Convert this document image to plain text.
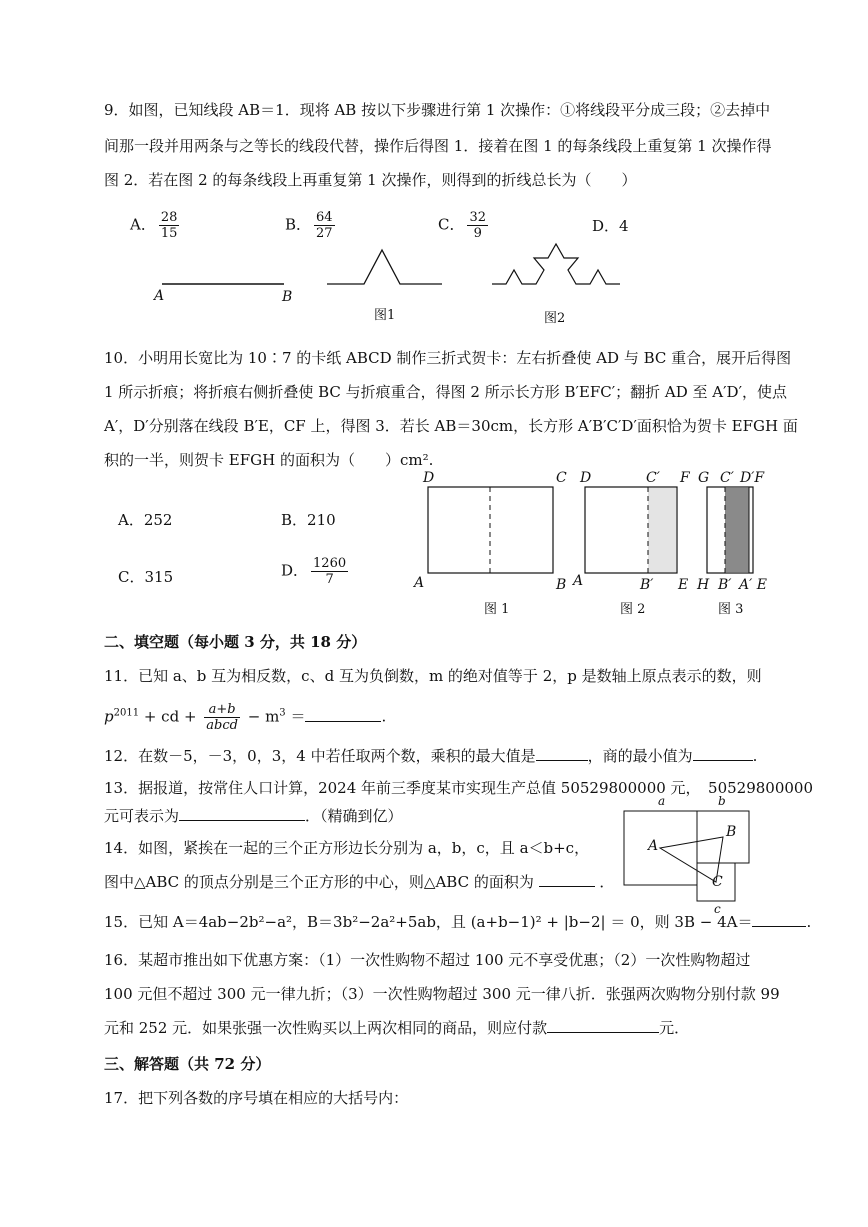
9．如图，已知线段 AB＝1．现将 AB 按以下步骤进行第 1 次操作：①将线段平分成三段；②去掉中
间那一段并用两条与之等长的线段代替，操作后得图 1．接着在图 1 的每条线段上重复第 1 次操作得
图 2．若在图 2 的每条线段上再重复第 1 次操作，则得到的折线总长为（　　）
A． $\frac{28}{15}$	B． $\frac{64}{27}$	C． $\frac{32}{9}$	D．4
A	B
图1	图2
10．小明用长宽比为 10∶7 的卡纸 ABCD 制作三折式贺卡：左右折叠使 AD 与 BC 重合，展开后得图
1 所示折痕；将折痕右侧折叠使 BC 与折痕重合，得图 2 所示长方形 B′EFC′；翻折 AD 至 A′D′，使点
A′，D′分别落在线段 B′E，CF 上，得图 3．若长 AB＝30cm，长方形 A′B′C′D′面积恰为贺卡 EFGH 面
积的一半，则贺卡 EFGH 的面积为（　　）cm².
A．252	B．210
C．315	D． $\frac{1260}{7}$
D	C
A	B
图 1
D	C′ F
A	B′ E
图 2
G C′ D′F
H B′ A′ E
图 3
二、填空题（每小题 3 分，共 18 分）
11．已知 a、b 互为相反数，c、d 互为负倒数，m 的绝对值等于 2，p 是数轴上原点表示的数，则
$p^{2011}$ + cd + $\frac{a+b}{\text{abcd}} - m^3$ ＝	.
12．在数－5，－3，0，3，4 中若任取两个数，乘积的最大值是	，商的最小值为	.
13．据报道，按常住人口计算，2024 年前三季度某市实现生产总值 50529800000 元，　50529800000
元可表示为	．（精确到亿）
14．如图，紧挨在一起的三个正方形边长分别为 a，b，c，且 a＜b+c，
图中△ABC 的顶点分别是三个正方形的中心，则△ABC 的面积为	．
a	b
c
A
B
C
15．已知 A＝4ab−2b²−a²，B＝3b²−2a²+5ab，且 (a+b−1)² + |b−2| ＝ 0，则 3B − 4A＝	.
16．某超市推出如下优惠方案：（1）一次性购物不超过 100 元不享受优惠；（2）一次性购物超过
100 元但不超过 300 元一律九折；（3）一次性购物超过 300 元一律八折．张强两次购物分别付款 99
元和 252 元．如果张强一次性购买以上两次相同的商品，则应付款	元．
三、解答题（共 72 分）
17．把下列各数的序号填在相应的大括号内：
